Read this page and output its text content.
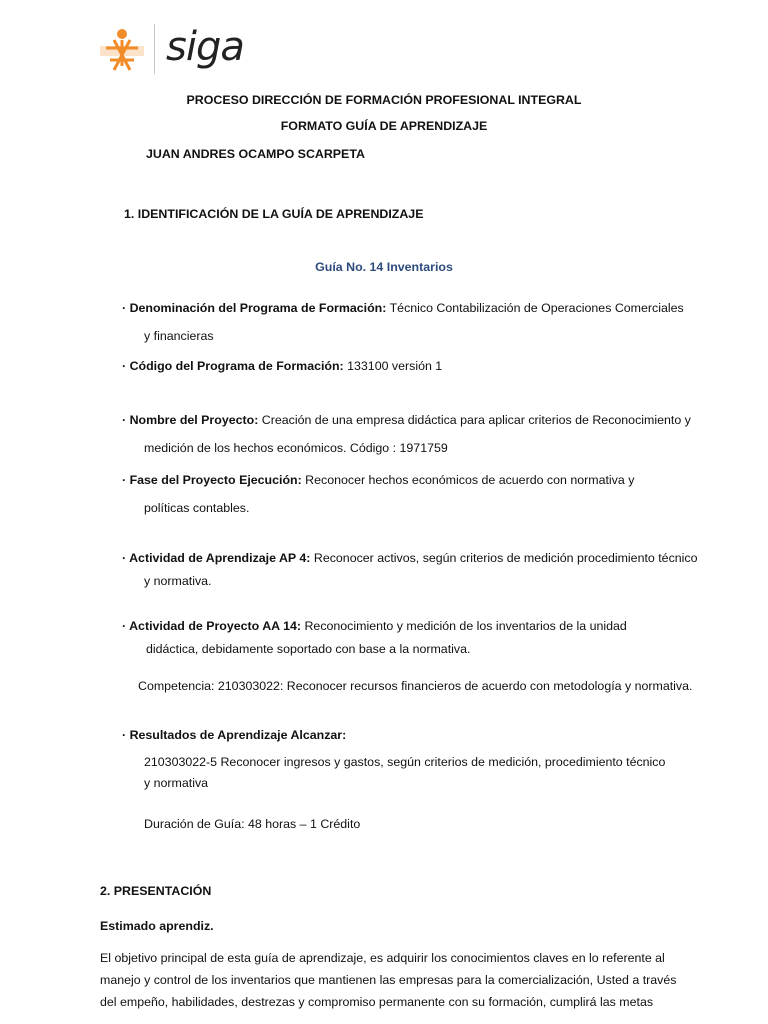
siga
PROCESO DIRECCIÓN DE FORMACIÓN PROFESIONAL INTEGRAL
FORMATO GUÍA DE APRENDIZAJE
JUAN ANDRES OCAMPO SCARPETA
1. IDENTIFICACIÓN DE LA GUÍA DE APRENDIZAJE
Guía No. 14 Inventarios
· Denominación del Programa de Formación: Técnico Contabilización de Operaciones Comerciales
y financieras
· Código del Programa de Formación: 133100 versión 1
· Nombre del Proyecto: Creación de una empresa didáctica para aplicar criterios de Reconocimiento y
medición de los hechos económicos. Código : 1971759
· Fase del Proyecto Ejecución: Reconocer hechos económicos de acuerdo con normativa y
políticas contables.
· Actividad de Aprendizaje AP 4: Reconocer activos, según criterios de medición procedimiento técnico
y normativa.
· Actividad de Proyecto AA 14: Reconocimiento y medición de los inventarios de la unidad
didáctica, debidamente soportado con base a la normativa.
Competencia: 210303022: Reconocer recursos financieros de acuerdo con metodología y normativa.
· Resultados de Aprendizaje Alcanzar:
210303022-5 Reconocer ingresos y gastos, según criterios de medición, procedimiento técnico
y normativa
Duración de Guía: 48 horas – 1 Crédito
2. PRESENTACIÓN
Estimado aprendiz.
El objetivo principal de esta guía de aprendizaje, es adquirir los conocimientos claves en lo referente al
manejo y control de los inventarios que mantienen las empresas para la comercialización, Usted a través
del empeño, habilidades, destrezas y compromiso permanente con su formación, cumplirá las metas
